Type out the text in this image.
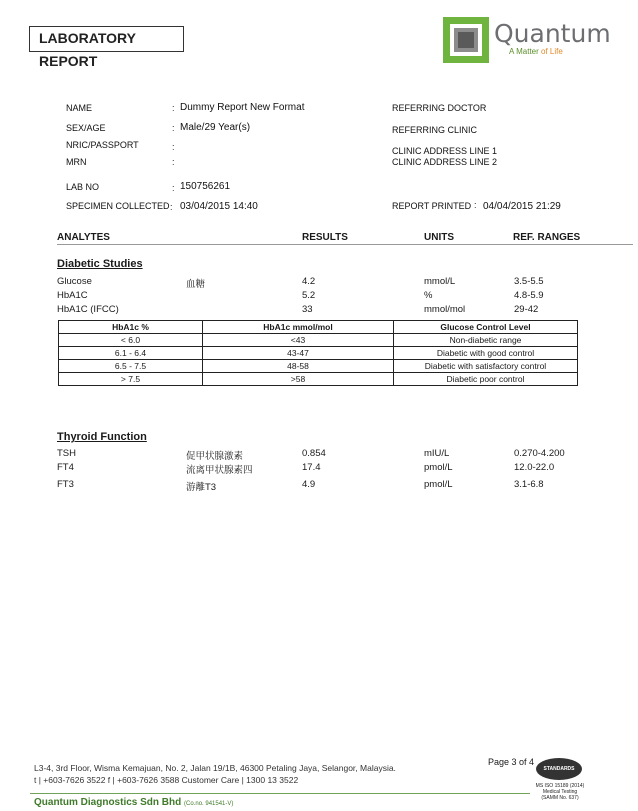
LABORATORY REPORT
Quantum
A Matter of Life
NAME	: Dummy Report New Format
SEX/AGE	: Male/29 Year(s)
NRIC/PASSPORT	:
MRN	:
LAB NO	: 150756261
SPECIMEN COLLECTED : 03/04/2015 14:40
REFERRING DOCTOR
REFERRING CLINIC
CLINIC ADDRESS LINE 1
CLINIC ADDRESS LINE 2
REPORT PRINTED : 04/04/2015 21:29
ANALYTES	RESULTS	UNITS	REF. RANGES
Diabetic Studies
Glucose	血糖	4.2	mmol/L	3.5-5.5
HbA1C	5.2	%	4.8-5.9
HbA1C (IFCC)	33	mmol/mol	29-42
HbA1c %	HbA1c mmol/mol	Glucose Control Level
< 6.0	<43	Non-diabetic range
6.1 - 6.4	43-47	Diabetic with good control
6.5 - 7.5	48-58	Diabetic with satisfactory control
> 7.5	>58	Diabetic poor control
Thyroid Function
TSH	促甲状腺激素	0.854	mIU/L	0.270-4.200
FT4	流离甲状腺素四	17.4	pmol/L	12.0-22.0
FT3	游離T3	4.9	pmol/L	3.1-6.8
Page 3 of 4
L3-4, 3rd Floor, Wisma Kemajuan, No. 2, Jalan 19/1B, 46300 Petaling Jaya, Selangor, Malaysia.
t | +603-7626 3522 f | +603-7626 3588 Customer Care | 1300 13 3522
Quantum Diagnostics Sdn Bhd (Co.no. 941541-V)
STANDARDS
MS ISO 15189 (2014)
Medical Testing
(SAMM No. 637)
